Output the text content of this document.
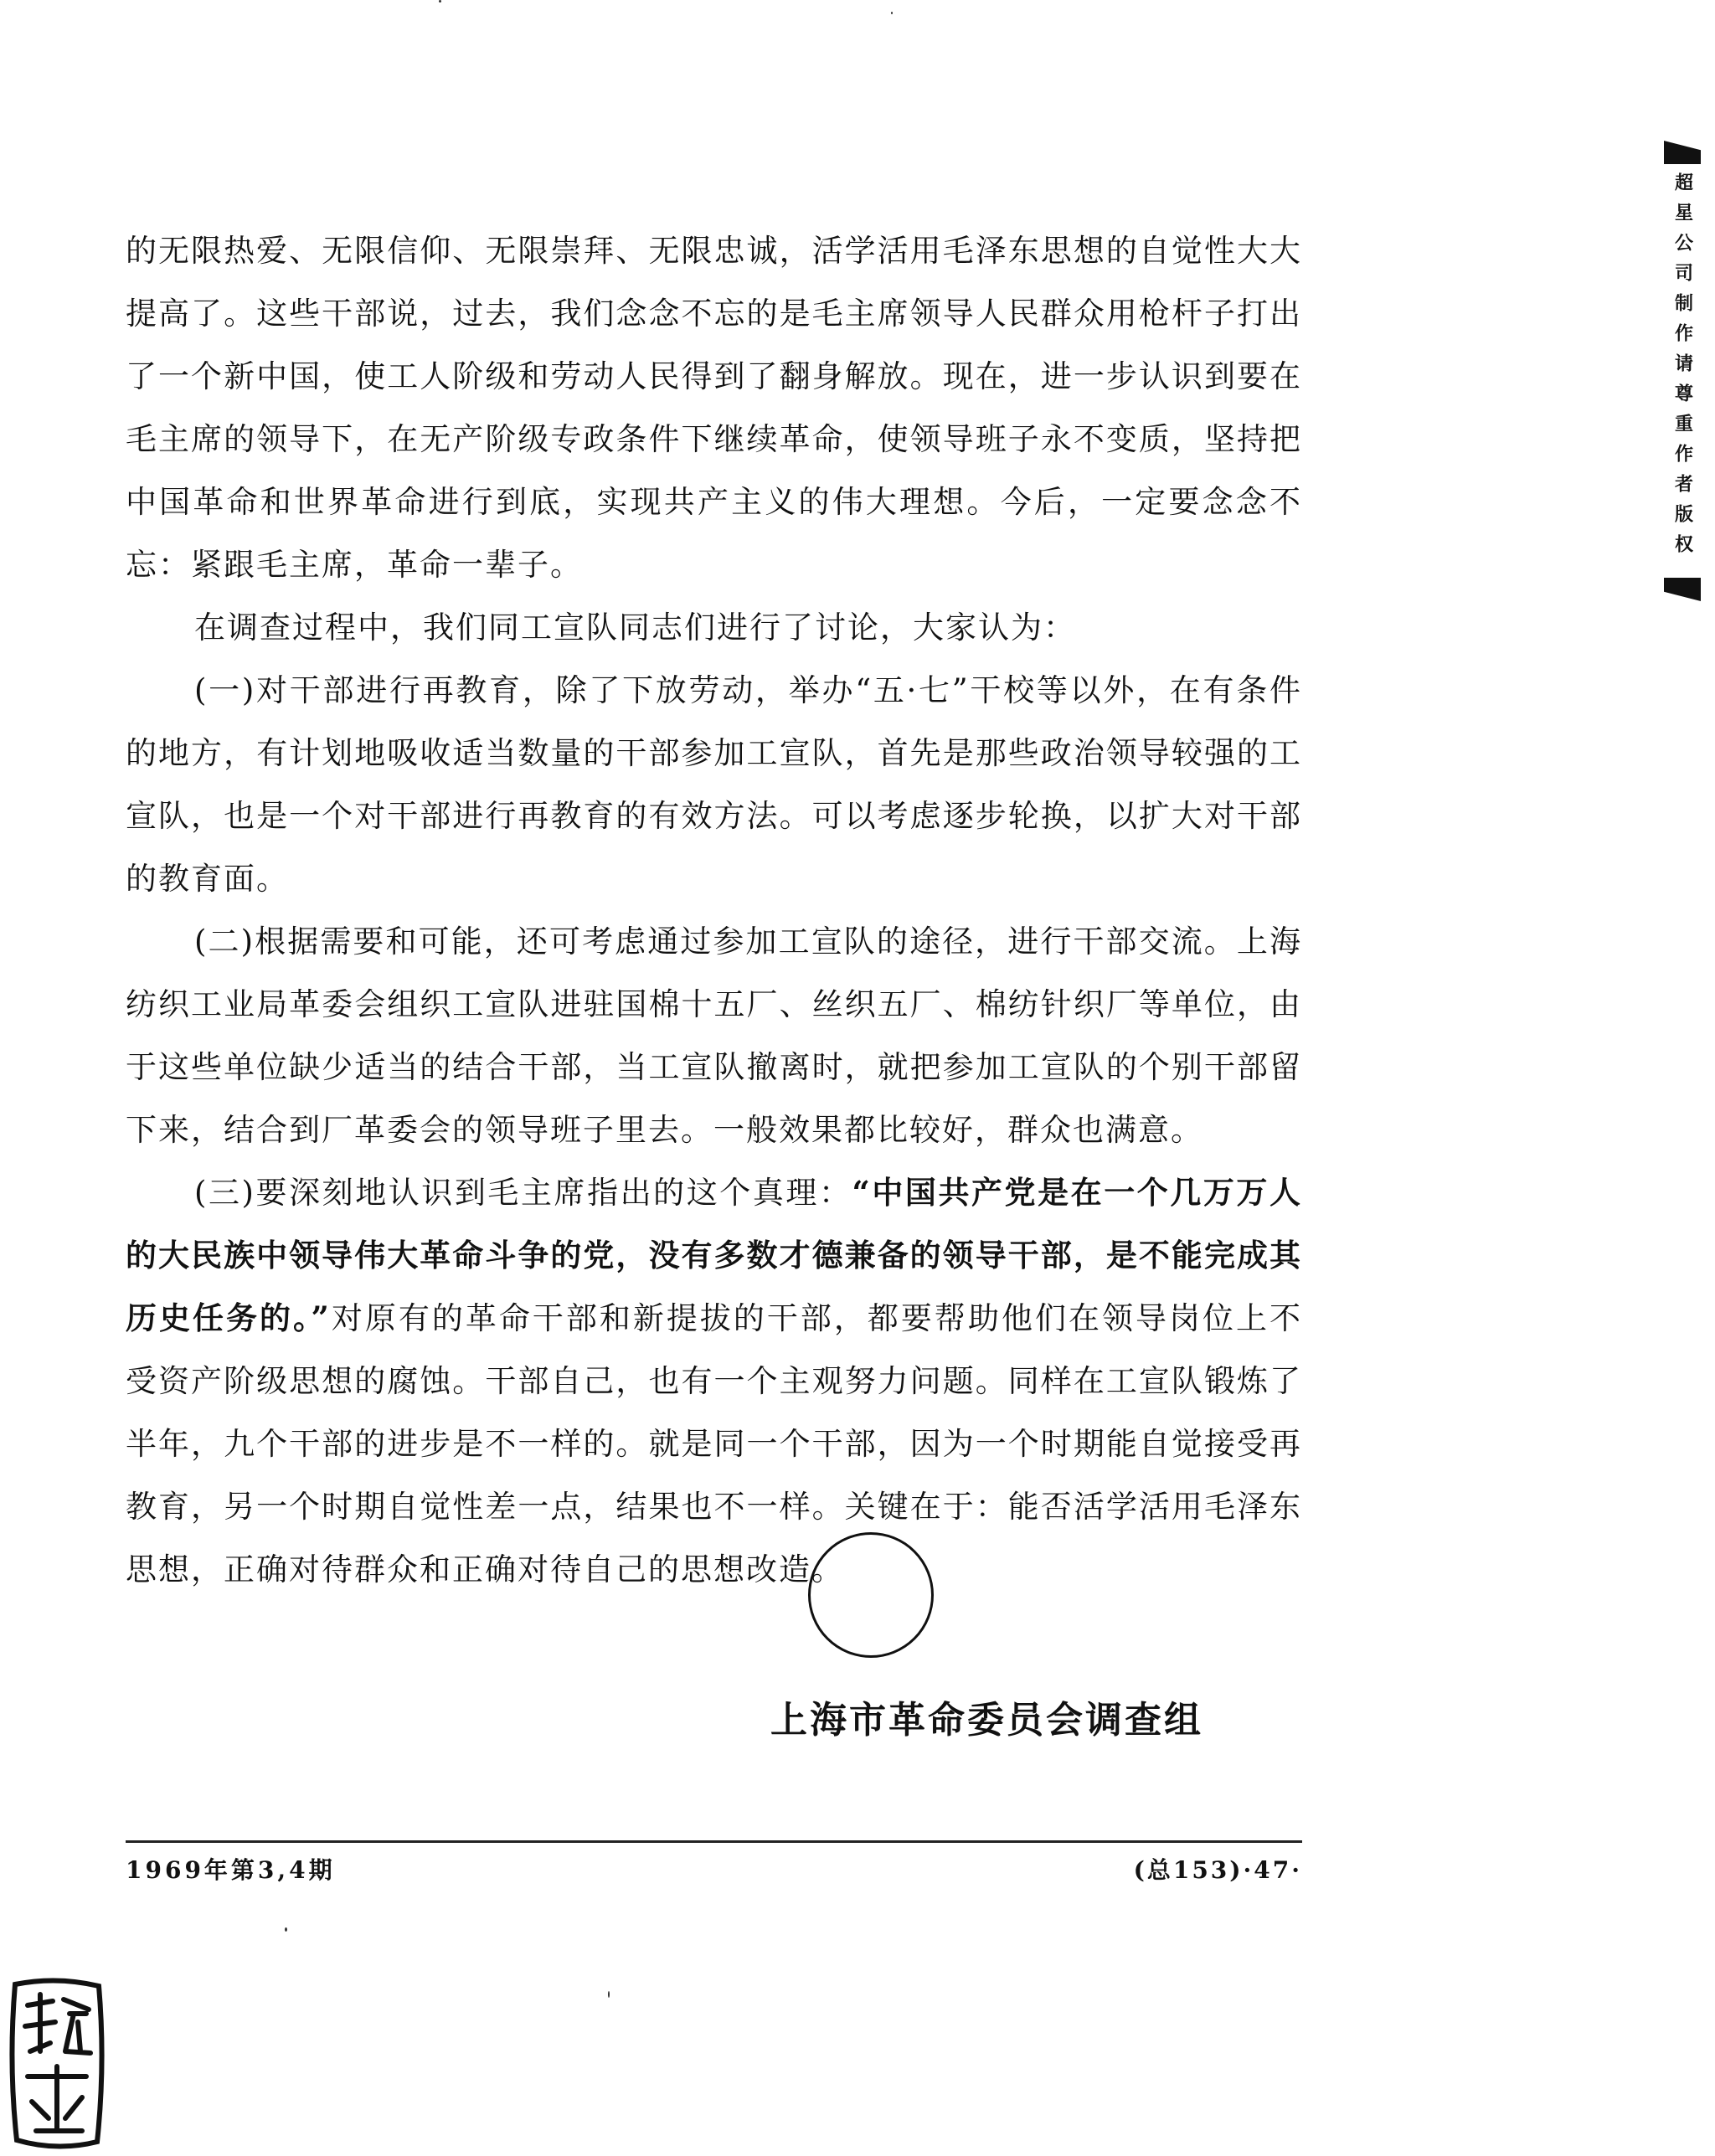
超星公司制作请尊重作者版权

的无限热爱、无限信仰、无限崇拜、无限忠诚，活学活用毛泽东思想的自觉性大大提高了。这些干部说，过去，我们念念不忘的是毛主席领导人民群众用枪杆子打出了一个新中国，使工人阶级和劳动人民得到了翻身解放。现在，进一步认识到要在毛主席的领导下，在无产阶级专政条件下继续革命，使领导班子永不变质，坚持把中国革命和世界革命进行到底，实现共产主义的伟大理想。今后，一定要念念不忘：紧跟毛主席，革命一辈子。

在调查过程中，我们同工宣队同志们进行了讨论，大家认为：

(一)对干部进行再教育，除了下放劳动，举办“五·七”干校等以外，在有条件的地方，有计划地吸收适当数量的干部参加工宣队，首先是那些政治领导较强的工宣队，也是一个对干部进行再教育的有效方法。可以考虑逐步轮换，以扩大对干部的教育面。

(二)根据需要和可能，还可考虑通过参加工宣队的途径，进行干部交流。上海纺织工业局革委会组织工宣队进驻国棉十五厂、丝织五厂、棉纺针织厂等单位，由于这些单位缺少适当的结合干部，当工宣队撤离时，就把参加工宣队的个别干部留下来，结合到厂革委会的领导班子里去。一般效果都比较好，群众也满意。

(三)要深刻地认识到毛主席指出的这个真理：“中国共产党是在一个几万万人的大民族中领导伟大革命斗争的党，没有多数才德兼备的领导干部，是不能完成其历史任务的。”对原有的革命干部和新提拔的干部，都要帮助他们在领导岗位上不受资产阶级思想的腐蚀。干部自己，也有一个主观努力问题。同样在工宣队锻炼了半年，九个干部的进步是不一样的。就是同一个干部，因为一个时期能自觉接受再教育，另一个时期自觉性差一点，结果也不一样。关键在于：能否活学活用毛泽东思想，正确对待群众和正确对待自己的思想改造。

上海市革命委员会调查组
1969年第3,4期	(总153)·47·
